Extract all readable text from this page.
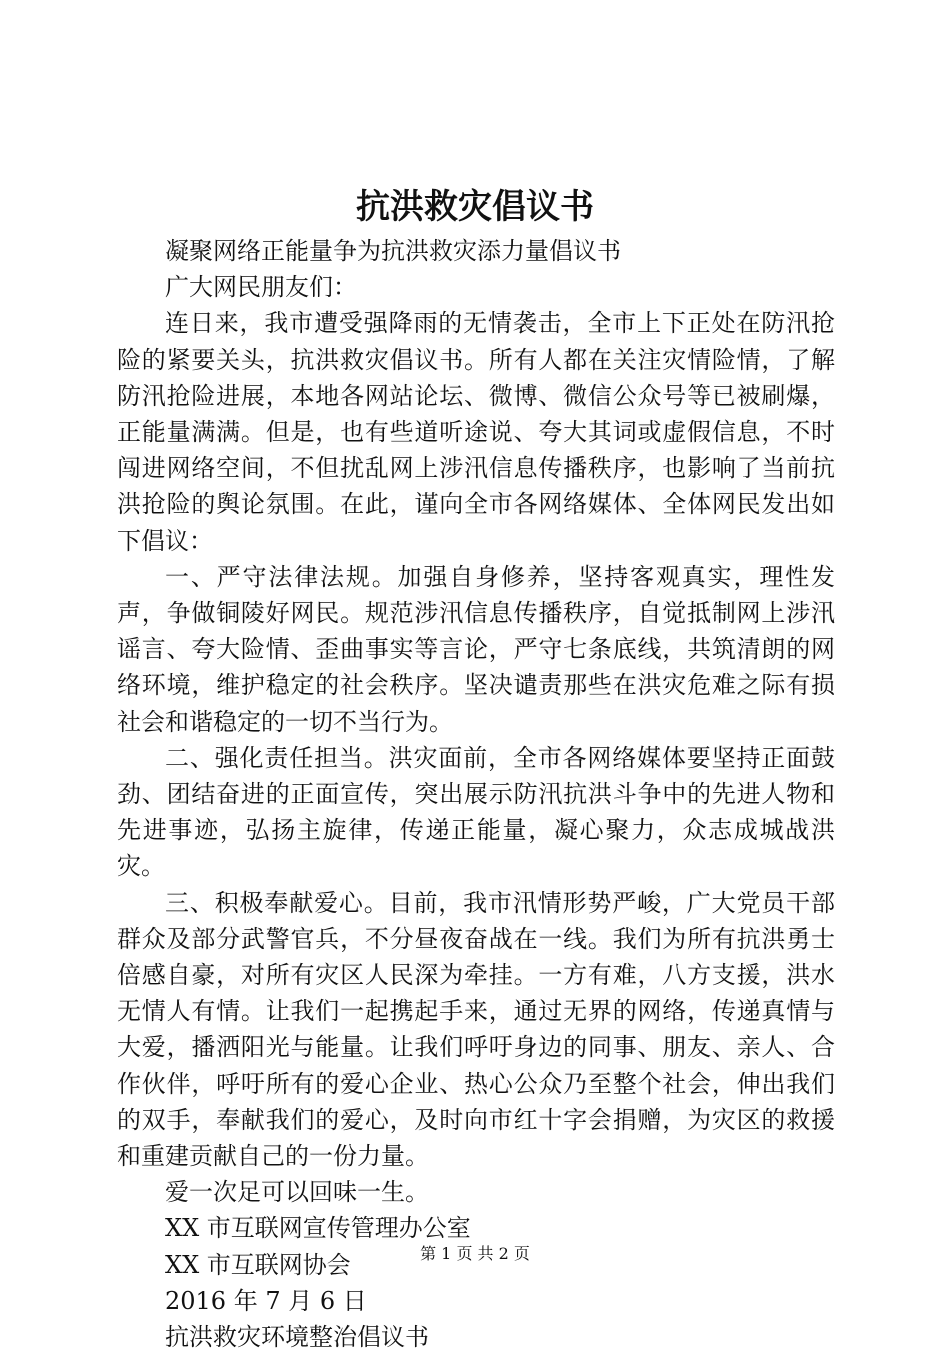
抗洪救灾倡议书

凝聚网络正能量争为抗洪救灾添力量倡议书

广大网民朋友们：

连日来，我市遭受强降雨的无情袭击，全市上下正处在防汛抢险的紧要关头，抗洪救灾倡议书。所有人都在关注灾情险情，了解防汛抢险进展，本地各网站论坛、微博、微信公众号等已被刷爆，正能量满满。但是，也有些道听途说、夸大其词或虚假信息，不时闯进网络空间，不但扰乱网上涉汛信息传播秩序，也影响了当前抗洪抢险的舆论氛围。在此，谨向全市各网络媒体、全体网民发出如下倡议：

一、严守法律法规。加强自身修养，坚持客观真实，理性发声，争做铜陵好网民。规范涉汛信息传播秩序，自觉抵制网上涉汛谣言、夸大险情、歪曲事实等言论，严守七条底线，共筑清朗的网络环境，维护稳定的社会秩序。坚决谴责那些在洪灾危难之际有损社会和谐稳定的一切不当行为。

二、强化责任担当。洪灾面前，全市各网络媒体要坚持正面鼓劲、团结奋进的正面宣传，突出展示防汛抗洪斗争中的先进人物和先进事迹，弘扬主旋律，传递正能量，凝心聚力，众志成城战洪灾。

三、积极奉献爱心。目前，我市汛情形势严峻，广大党员干部群众及部分武警官兵，不分昼夜奋战在一线。我们为所有抗洪勇士倍感自豪，对所有灾区人民深为牵挂。一方有难，八方支援，洪水无情人有情。让我们一起携起手来，通过无界的网络，传递真情与大爱，播洒阳光与能量。让我们呼吁身边的同事、朋友、亲人、合作伙伴，呼吁所有的爱心企业、热心公众乃至整个社会，伸出我们的双手，奉献我们的爱心，及时向市红十字会捐赠，为灾区的救援和重建贡献自己的一份力量。

爱一次足可以回味一生。

XX 市互联网宣传管理办公室

XX 市互联网协会

2016 年 7 月 6 日

抗洪救灾环境整治倡议书

第 1 页 共 2 页
